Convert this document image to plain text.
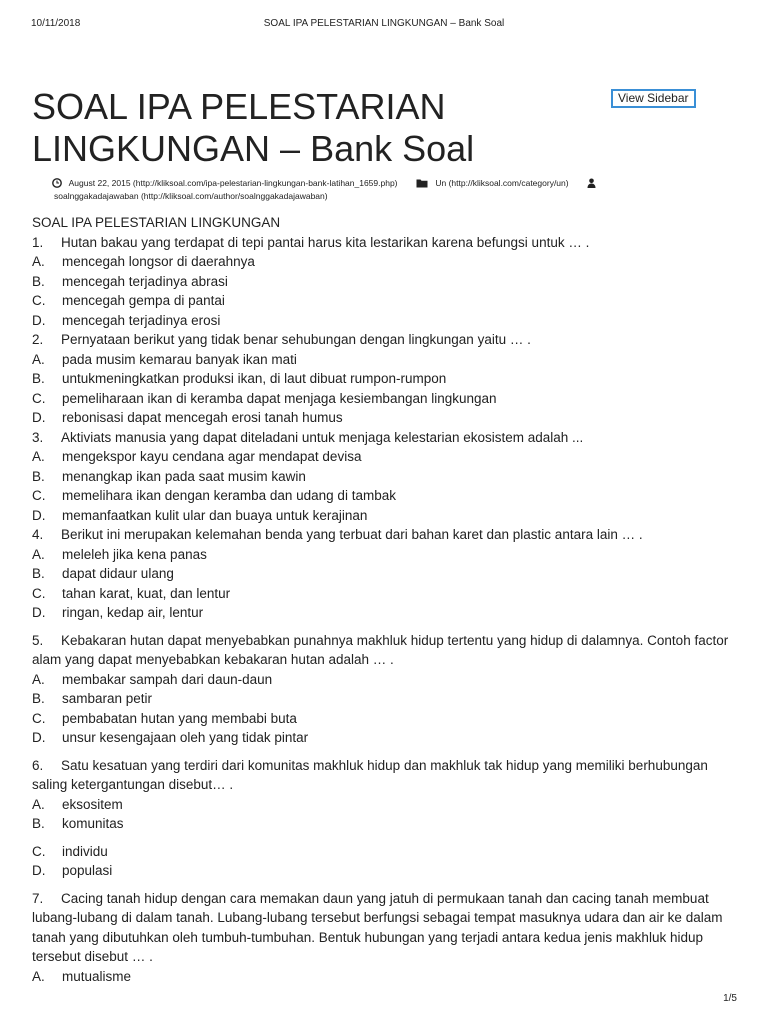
10/11/2018	SOAL IPA PELESTARIAN LINGKUNGAN – Bank Soal
SOAL IPA PELESTARIAN LINGKUNGAN – Bank Soal
View Sidebar
August 22, 2015 (http://kliksoal.com/ipa-pelestarian-lingkungan-bank-latihan_1659.php)	Un (http://kliksoal.com/category/un)
soalnggakadajawaban (http://kliksoal.com/author/soalnggakadajawaban)

SOAL IPA PELESTARIAN LINGKUNGAN

1. Hutan bakau yang terdapat di tepi pantai harus kita lestarikan karena befungsi untuk … .

A. mencegah longsor di daerahnya
B. mencegah terjadinya abrasi
C. mencegah gempa di pantai
D. mencegah terjadinya erosi

2. Pernyataan berikut yang tidak benar sehubungan dengan lingkungan yaitu … .

A. pada musim kemarau banyak ikan mati
B. untukmeningkatkan produksi ikan, di laut dibuat rumpon-rumpon
C. pemeliharaan ikan di keramba dapat menjaga kesiembangan lingkungan
D. rebonisasi dapat mencegah erosi tanah humus

3. Aktiviats manusia yang dapat diteladani untuk menjaga kelestarian ekosistem adalah ...

A. mengekspor kayu cendana agar mendapat devisa
B. menangkap ikan pada saat musim kawin
C. memelihara ikan dengan keramba dan udang di tambak
D. memanfaatkan kulit ular dan buaya untuk kerajinan

4. Berikut ini merupakan kelemahan benda yang terbuat dari bahan karet dan plastic antara lain … .

A. meleleh jika kena panas
B. dapat didaur ulang
C. tahan karat, kuat, dan lentur
D. ringan, kedap air, lentur

5. Kebakaran hutan dapat menyebabkan punahnya makhluk hidup tertentu yang hidup di dalamnya. Contoh factor alam yang dapat menyebabkan kebakaran hutan adalah … .

A. membakar sampah dari daun-daun
B. sambaran petir
C. pembabatan hutan yang membabi buta
D. unsur kesengajaan oleh yang tidak pintar

6. Satu kesatuan yang terdiri dari komunitas makhluk hidup dan makhluk tak hidup yang memiliki berhubungan saling ketergantungan disebut… .

A. eksositem
B. komunitas
C. individu
D. populasi

7. Cacing tanah hidup dengan cara memakan daun yang jatuh di permukaan tanah dan cacing tanah membuat lubang-lubang di dalam tanah. Lubang-lubang tersebut berfungsi sebagai tempat masuknya udara dan air ke dalam tanah yang dibutuhkan oleh tumbuh-tumbuhan. Bentuk hubungan yang terjadi antara kedua jenis makhluk hidup tersebut disebut … .

A. mutualisme
1/5
